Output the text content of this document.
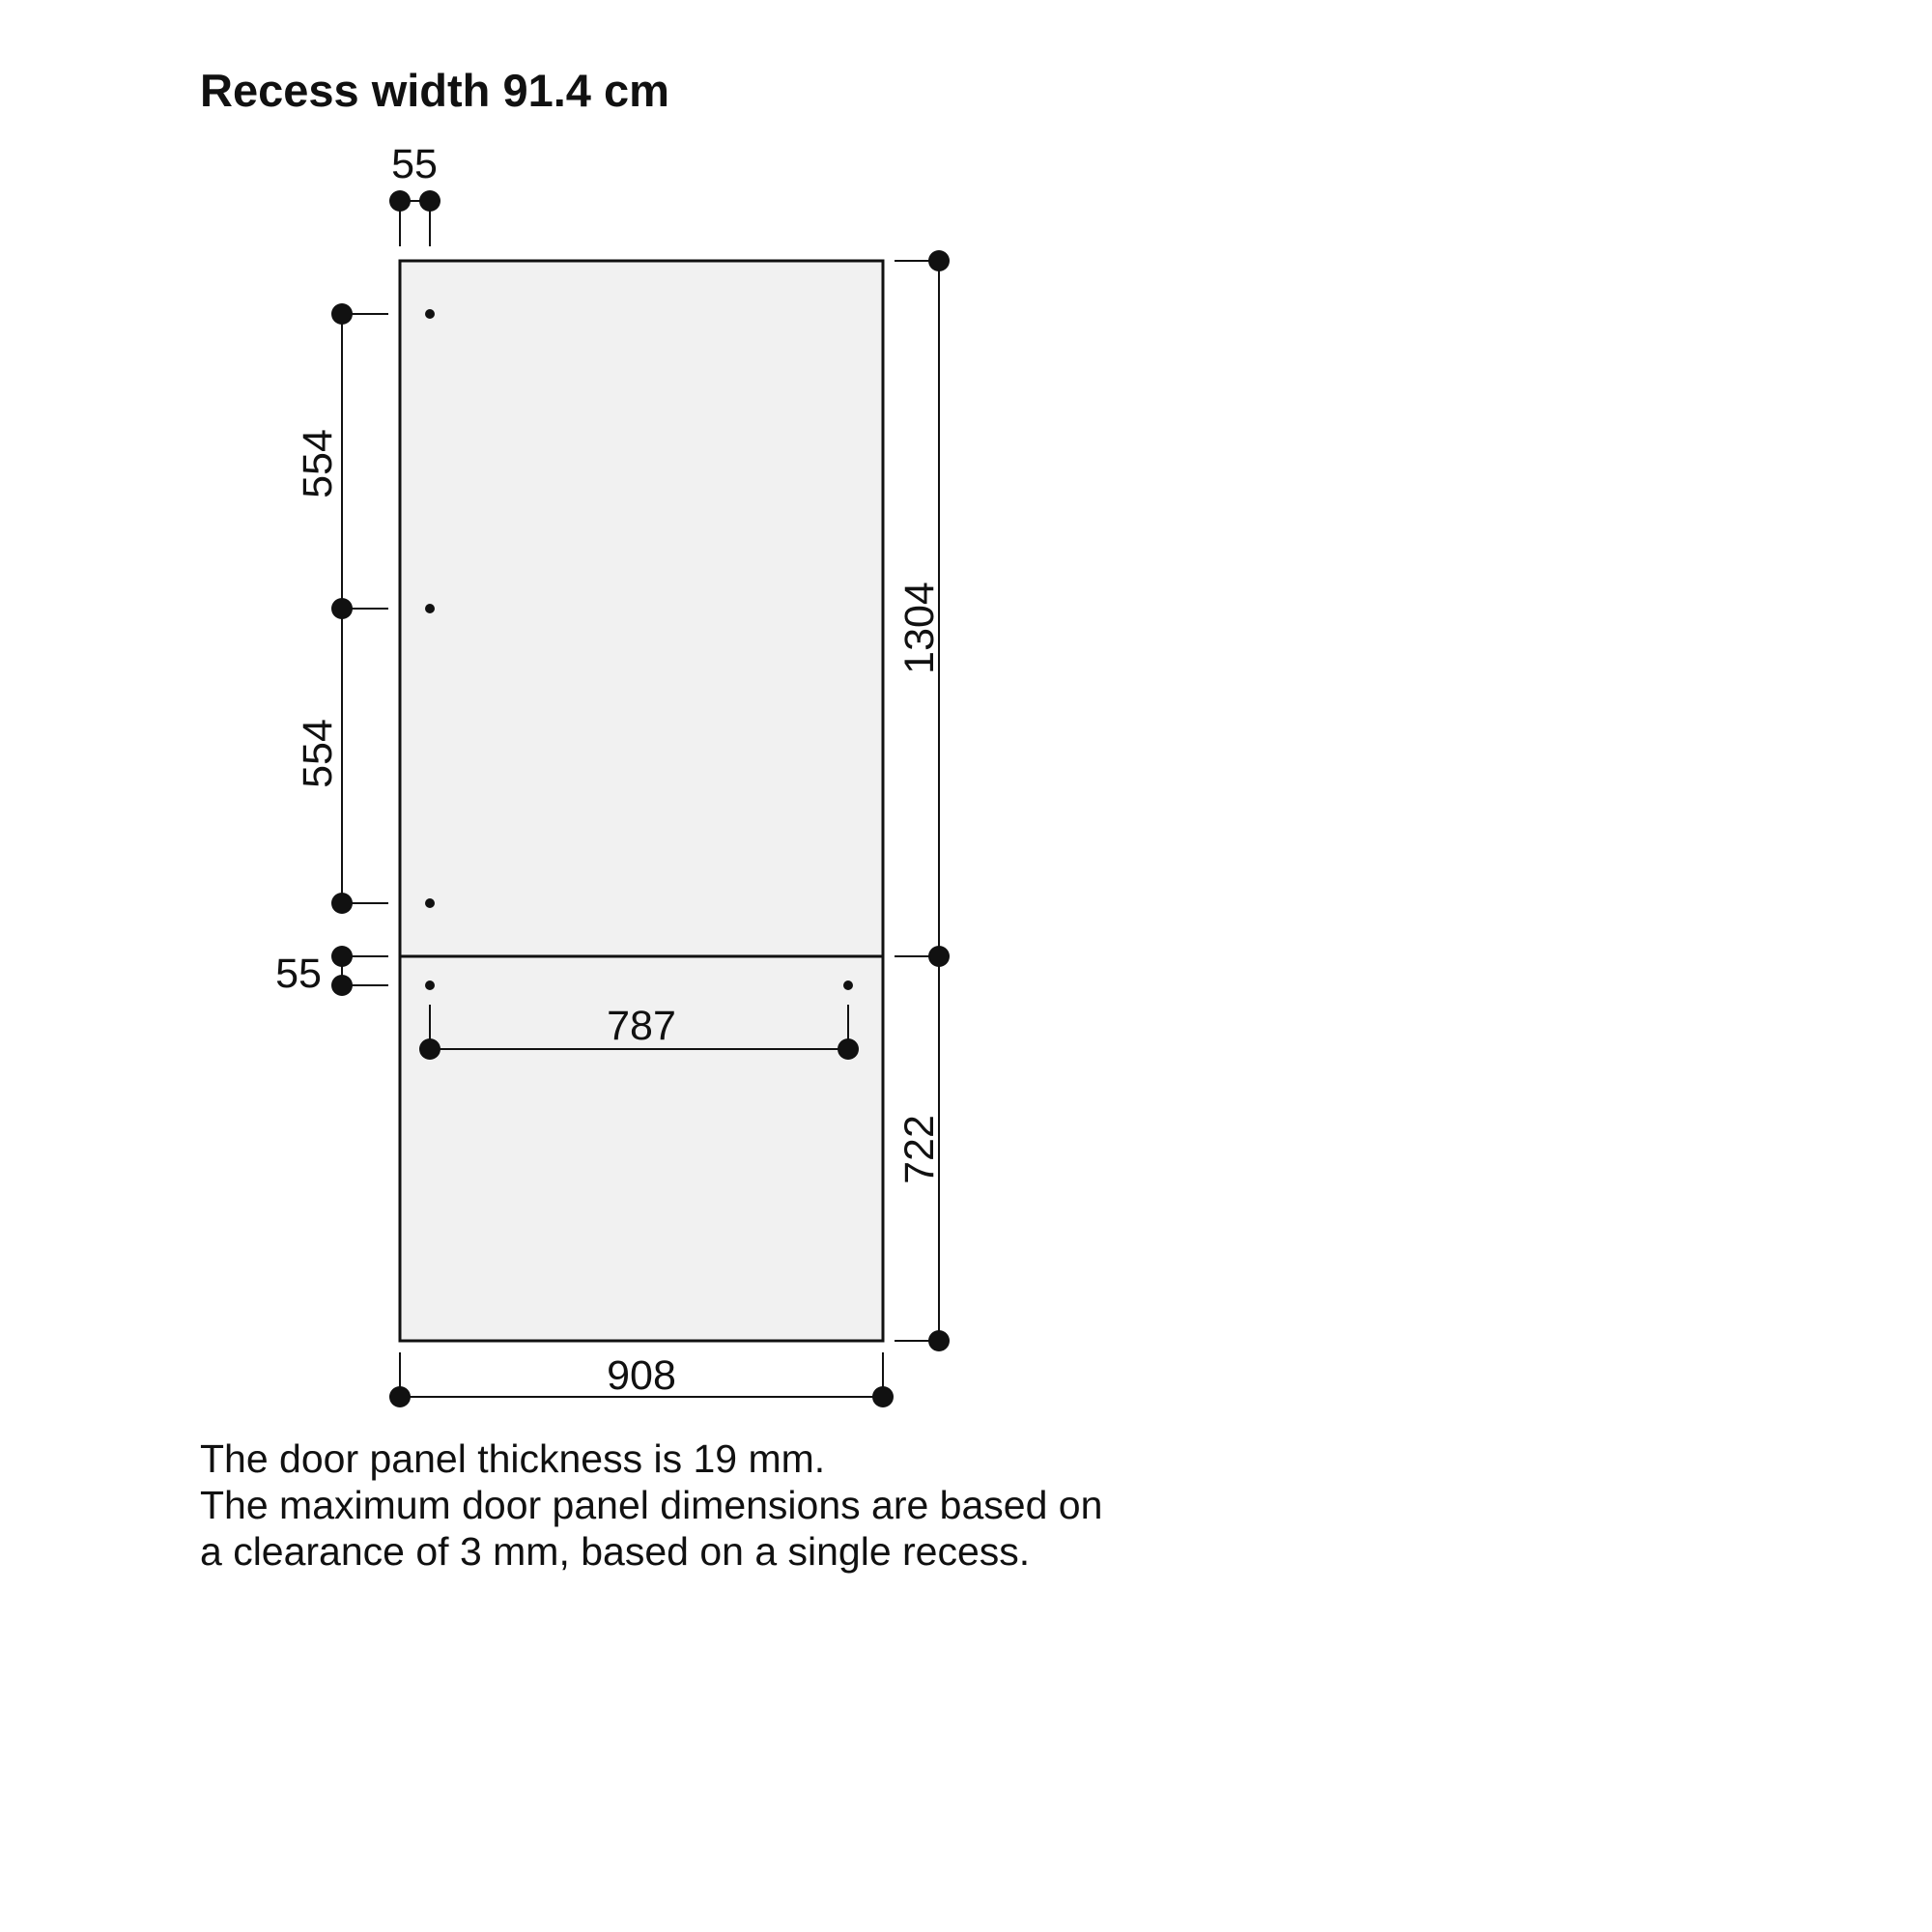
Recess width 91.4 cm
55
554
554
55
1304
722
787
908
The door panel thickness is 19 mm.
The maximum door panel dimensions are based on
a clearance of 3 mm, based on a single recess.
